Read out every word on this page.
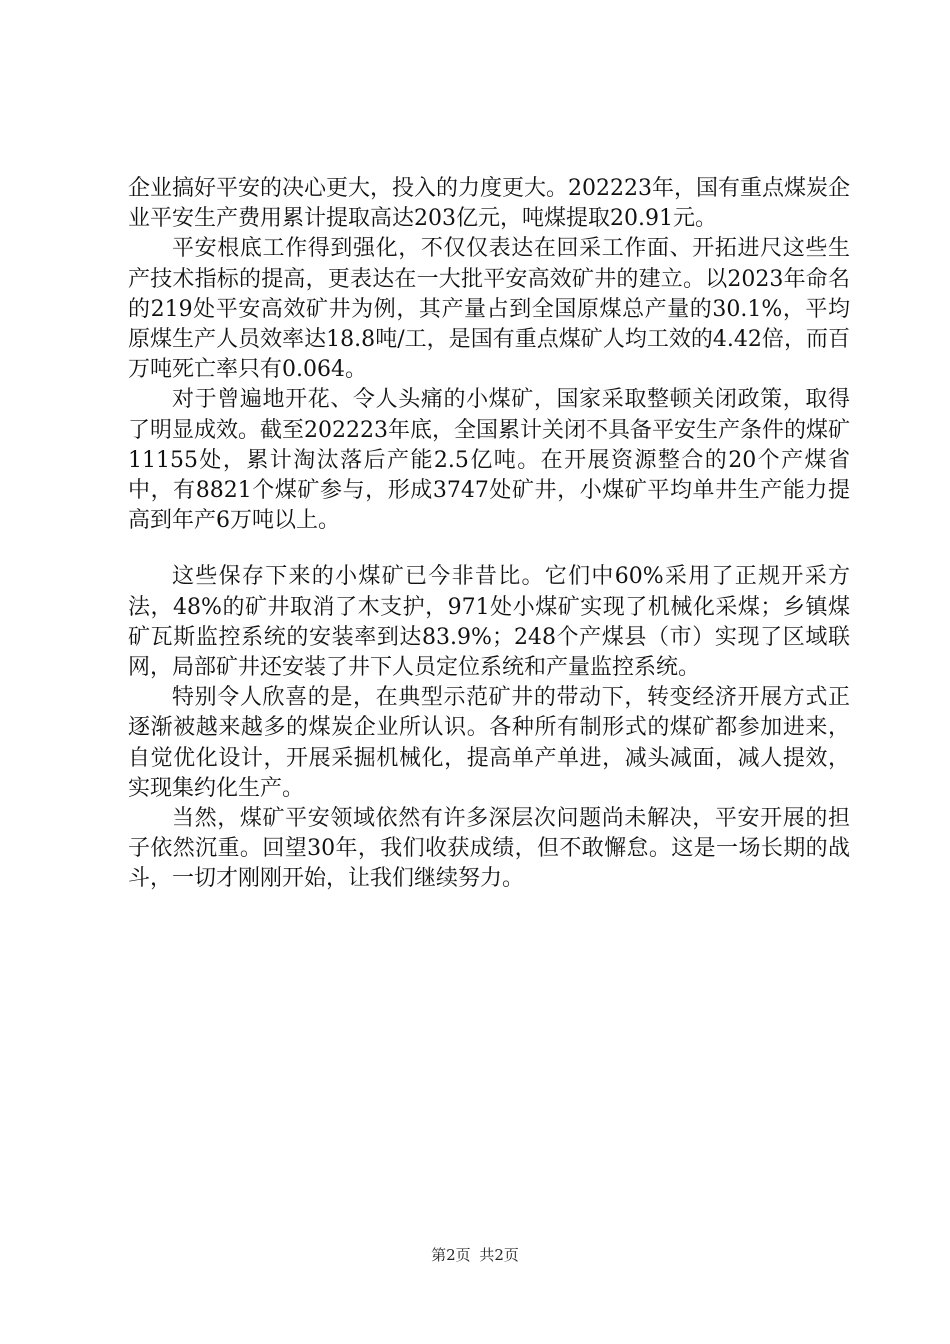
企业搞好平安的决心更大，投入的力度更大。202223年，国有重点煤炭企业平安生产费用累计提取高达203亿元，吨煤提取20.91元。

平安根底工作得到强化，不仅仅表达在回采工作面、开拓进尺这些生产技术指标的提高，更表达在一大批平安高效矿井的建立。以2023年命名的219处平安高效矿井为例，其产量占到全国原煤总产量的30.1%，平均原煤生产人员效率达18.8吨/工，是国有重点煤矿人均工效的4.42倍，而百万吨死亡率只有0.064。

对于曾遍地开花、令人头痛的小煤矿，国家采取整顿关闭政策，取得了明显成效。截至202223年底，全国累计关闭不具备平安生产条件的煤矿11155处，累计淘汰落后产能2.5亿吨。在开展资源整合的20个产煤省中，有8821个煤矿参与，形成3747处矿井，小煤矿平均单井生产能力提高到年产6万吨以上。

这些保存下来的小煤矿已今非昔比。它们中60%采用了正规开采方法，48%的矿井取消了木支护，971处小煤矿实现了机械化采煤；乡镇煤矿瓦斯监控系统的安装率到达83.9%；248个产煤县（市）实现了区域联网，局部矿井还安装了井下人员定位系统和产量监控系统。

特别令人欣喜的是，在典型示范矿井的带动下，转变经济开展方式正逐渐被越来越多的煤炭企业所认识。各种所有制形式的煤矿都参加进来，自觉优化设计，开展采掘机械化，提高单产单进，减头减面，减人提效，实现集约化生产。

当然，煤矿平安领域依然有许多深层次问题尚未解决，平安开展的担子依然沉重。回望30年，我们收获成绩，但不敢懈怠。这是一场长期的战斗，一切才刚刚开始，让我们继续努力。

第2页 共2页
